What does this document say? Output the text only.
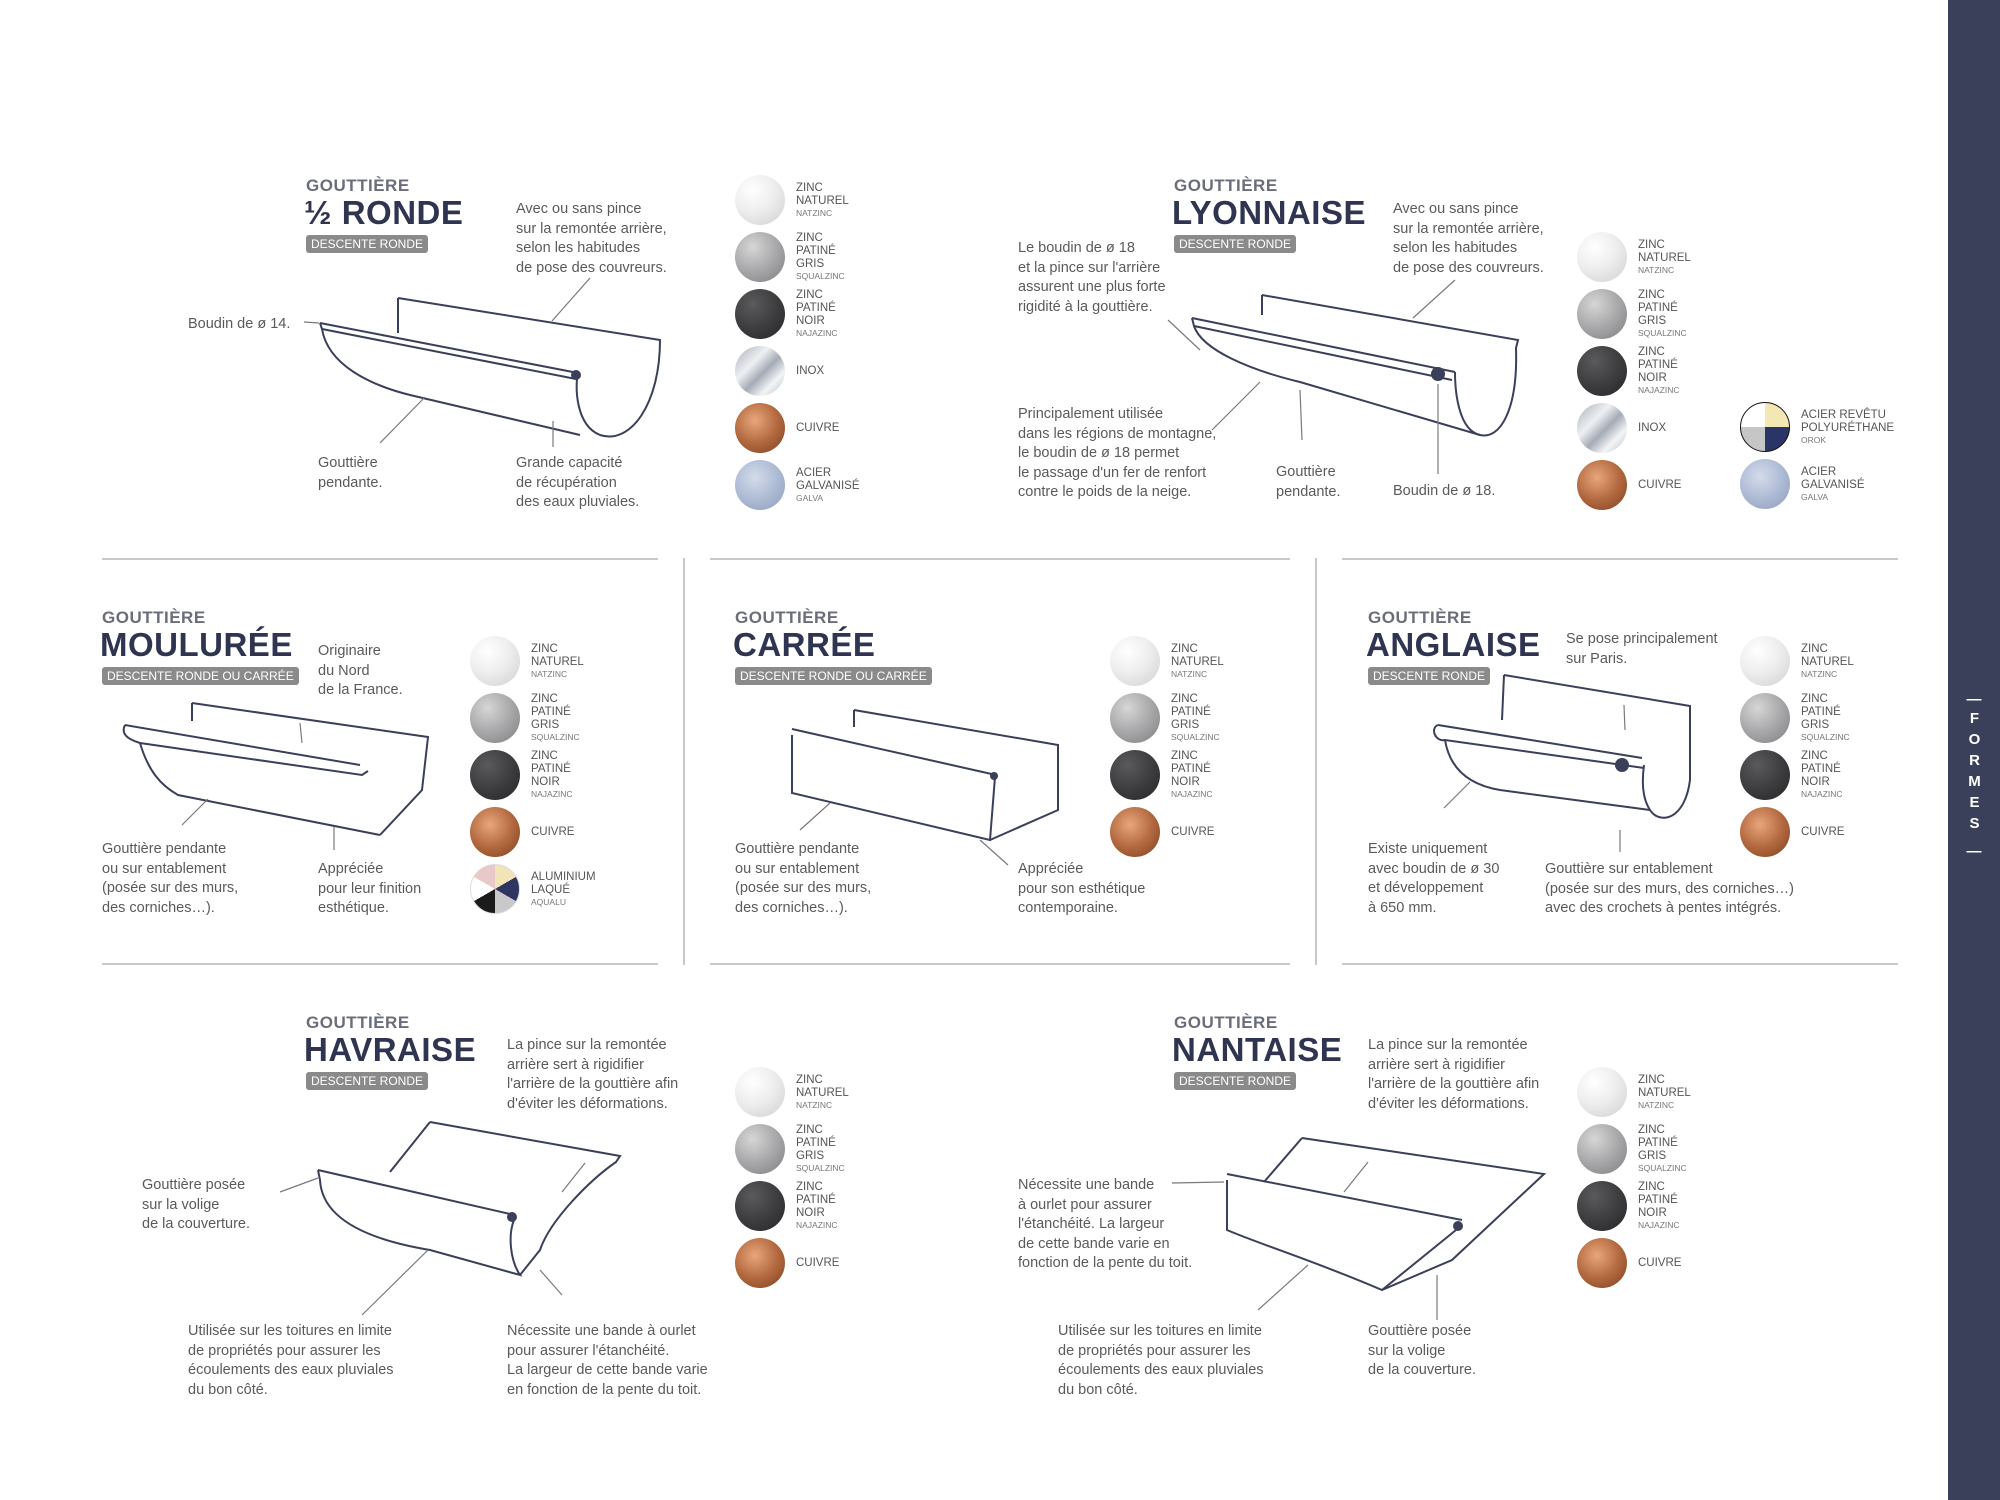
—
FORMES
—
GOUTTIÈRE
½ RONDE
DESCENTE RONDE
Avec ou sans pince
sur la remontée arrière,
selon les habitudes
de pose des couvreurs.
Boudin de ø 14.
Gouttière
pendante.
Grande capacité
de récupération
des eaux pluviales.
GOUTTIÈRE
LYONNAISE
DESCENTE RONDE
Avec ou sans pince
sur la remontée arrière,
selon les habitudes
de pose des couvreurs.
Le boudin de ø 18
et la pince sur l'arrière
assurent une plus forte
rigidité à la gouttière.
Principalement utilisée
dans les régions de montagne,
le boudin de ø 18 permet
le passage d'un fer de renfort
contre le poids de la neige.
Gouttière
pendante.	Boudin de ø 18.
GOUTTIÈRE
MOULURÉE
DESCENTE RONDE OU CARRÉE
Originaire
du Nord
de la France.
Gouttière pendante
ou sur entablement
(posée sur des murs,
des corniches…).
Appréciée
pour leur finition
esthétique.
GOUTTIÈRE
CARRÉE
DESCENTE RONDE OU CARRÉE
Gouttière pendante
ou sur entablement
(posée sur des murs,
des corniches…).
Appréciée
pour son esthétique
contemporaine.
GOUTTIÈRE
ANGLAISE
DESCENTE RONDE
Se pose principalement
sur Paris.
Existe uniquement
avec boudin de ø 30
et développement
à 650 mm.
Gouttière sur entablement
(posée sur des murs, des corniches…)
avec des crochets à pentes intégrés.
GOUTTIÈRE
HAVRAISE
DESCENTE RONDE
La pince sur la remontée
arrière sert à rigidifier
l'arrière de la gouttière afin
d'éviter les déformations.
Gouttière posée
sur la volige
de la couverture.
Utilisée sur les toitures en limite
de propriétés pour assurer les
écoulements des eaux pluviales
du bon côté.
Nécessite une bande à ourlet
pour assurer l'étanchéité.
La largeur de cette bande varie
en fonction de la pente du toit.
GOUTTIÈRE
NANTAISE
DESCENTE RONDE
La pince sur la remontée
arrière sert à rigidifier
l'arrière de la gouttière afin
d'éviter les déformations.
Nécessite une bande
à ourlet pour assurer
l'étanchéité. La largeur
de cette bande varie en
fonction de la pente du toit.
Utilisée sur les toitures en limite
de propriétés pour assurer les
écoulements des eaux pluviales
du bon côté.
Gouttière posée
sur la volige
de la couverture.
ZINC NATUREL
NATZINC
ZINC PATINÉ GRIS
SQUALZINC
ZINC PATINÉ NOIR
NAJAZINC
INOX
CUIVRE
ACIER GALVANISÉ
GALVA
ZINC NATUREL
NATZINC
ZINC PATINÉ GRIS
SQUALZINC
ZINC PATINÉ NOIR
NAJAZINC
INOX
CUIVRE
ACIER REVÊTU
POLYURÉTHANE
OROK
ACIER GALVANISÉ
GALVA
ZINC NATUREL
NATZINC
ZINC PATINÉ GRIS
SQUALZINC
ZINC PATINÉ NOIR
NAJAZINC
CUIVRE
ALUMINIUM LAQUÉ
AQUALU
ZINC NATUREL
NATZINC
ZINC PATINÉ GRIS
SQUALZINC
ZINC PATINÉ NOIR
NAJAZINC
CUIVRE
ZINC NATUREL
NATZINC
ZINC PATINÉ GRIS
SQUALZINC
ZINC PATINÉ NOIR
NAJAZINC
CUIVRE
ZINC NATUREL
NATZINC
ZINC PATINÉ GRIS
SQUALZINC
ZINC PATINÉ NOIR
NAJAZINC
CUIVRE
ZINC NATUREL
NATZINC
ZINC PATINÉ GRIS
SQUALZINC
ZINC PATINÉ NOIR
NAJAZINC
CUIVRE
